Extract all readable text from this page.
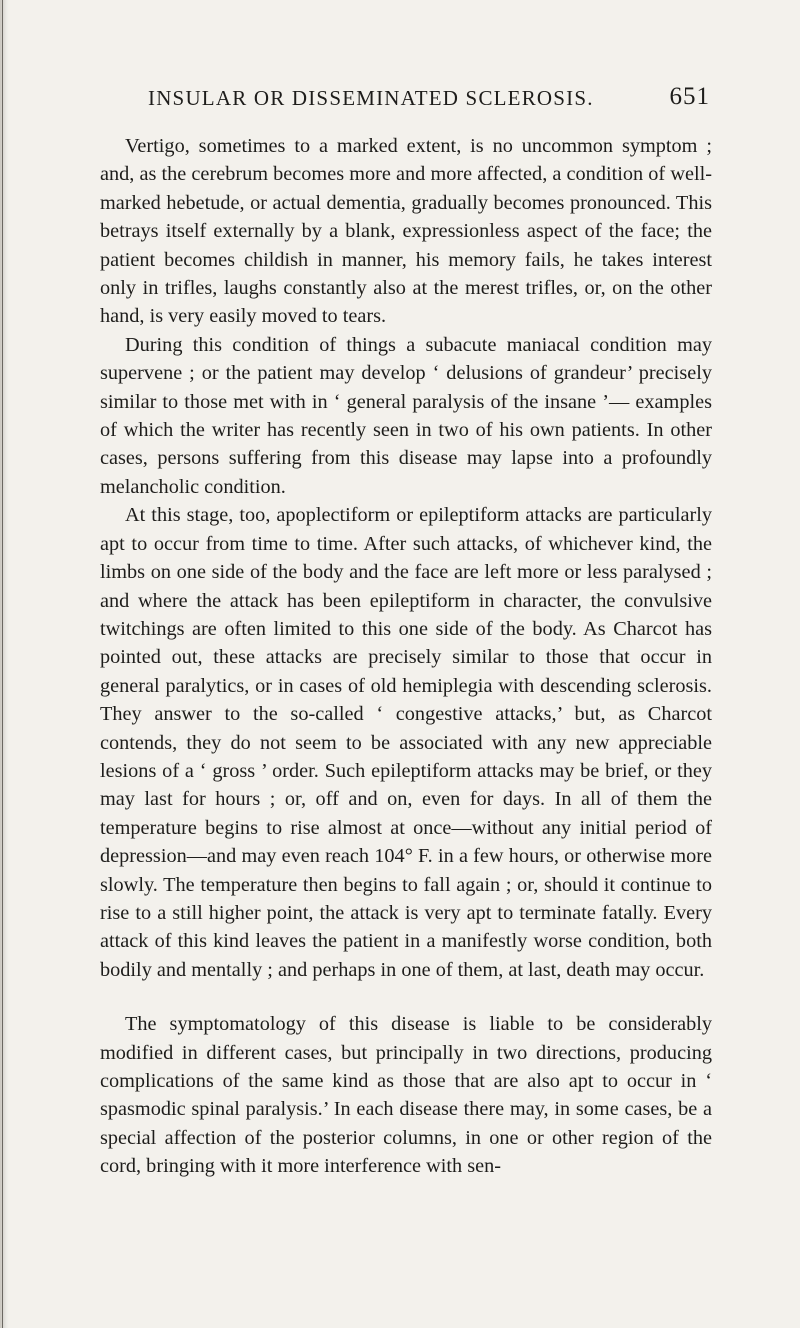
INSULAR OR DISSEMINATED SCLEROSIS.	651

Vertigo, sometimes to a marked extent, is no uncommon symptom ; and, as the cerebrum becomes more and more affected, a condition of well-marked hebetude, or actual dementia, gradually becomes pronounced. This betrays itself externally by a blank, expressionless aspect of the face; the patient becomes childish in manner, his memory fails, he takes interest only in trifles, laughs constantly also at the merest trifles, or, on the other hand, is very easily moved to tears.

During this condition of things a subacute maniacal condition may supervene ; or the patient may develop ‘ delusions of grandeur’ precisely similar to those met with in ‘ general paralysis of the insane ’— examples of which the writer has recently seen in two of his own patients. In other cases, persons suffering from this disease may lapse into a profoundly melancholic condition.

At this stage, too, apoplectiform or epileptiform attacks are particularly apt to occur from time to time. After such attacks, of whichever kind, the limbs on one side of the body and the face are left more or less paralysed ; and where the attack has been epileptiform in character, the convulsive twitchings are often limited to this one side of the body. As Charcot has pointed out, these attacks are precisely similar to those that occur in general paralytics, or in cases of old hemiplegia with descending sclerosis. They answer to the so-called ‘ congestive attacks,’ but, as Charcot contends, they do not seem to be associated with any new appreciable lesions of a ‘ gross ’ order. Such epileptiform attacks may be brief, or they may last for hours ; or, off and on, even for days. In all of them the temperature begins to rise almost at once—without any initial period of depression—and may even reach 104° F. in a few hours, or otherwise more slowly. The temperature then begins to fall again ; or, should it continue to rise to a still higher point, the attack is very apt to terminate fatally. Every attack of this kind leaves the patient in a manifestly worse condition, both bodily and mentally ; and perhaps in one of them, at last, death may occur.

The symptomatology of this disease is liable to be considerably modified in different cases, but principally in two directions, producing complications of the same kind as those that are also apt to occur in ‘ spasmodic spinal paralysis.’ In each disease there may, in some cases, be a special affection of the posterior columns, in one or other region of the cord, bringing with it more interference with sen-
